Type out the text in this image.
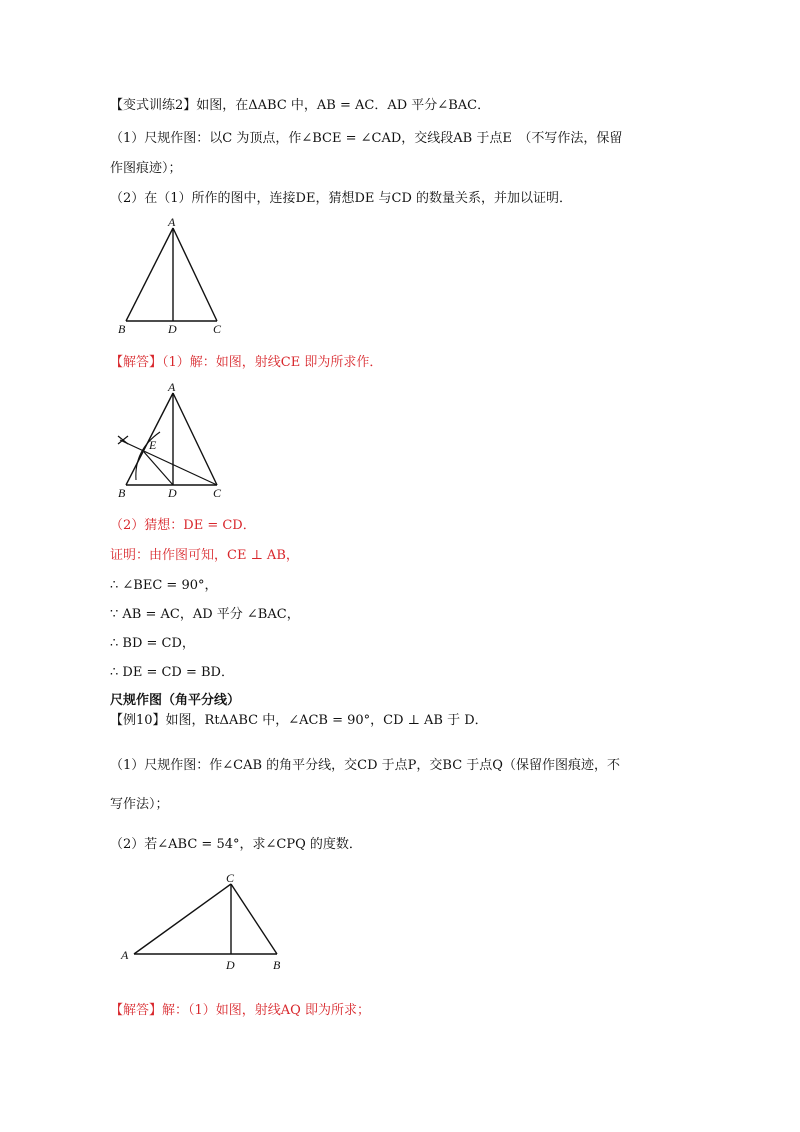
【变式训练2】如图，在ΔABC 中，AB = AC．AD 平分∠BAC．
（1）尺规作图：以C 为顶点，作∠BCE = ∠CAD，交线段AB 于点E　（不写作法，保留
作图痕迹）；
（2）在（1）所作的图中，连接DE，猜想DE 与CD 的数量关系，并加以证明．
A
B	D	C
【解答】（1）解：如图，射线CE 即为所求作．
A
E
B	D	C
（2）猜想：DE = CD．
证明：由作图可知，CE ⊥ AB，
∴ ∠BEC = 90°，
∵ AB = AC，AD 平分 ∠BAC，
∴ BD = CD，
∴ DE = CD = BD．
尺规作图（角平分线）
【例10】如图，RtΔABC 中，∠ACB = 90°，CD ⊥ AB 于 D．
（1）尺规作图：作∠CAB 的角平分线，交CD 于点P，交BC 于点Q（保留作图痕迹，不
写作法）；
（2）若∠ABC = 54°，求∠CPQ 的度数．
C
A
D	B
【解答】解：（1）如图，射线AQ 即为所求；
